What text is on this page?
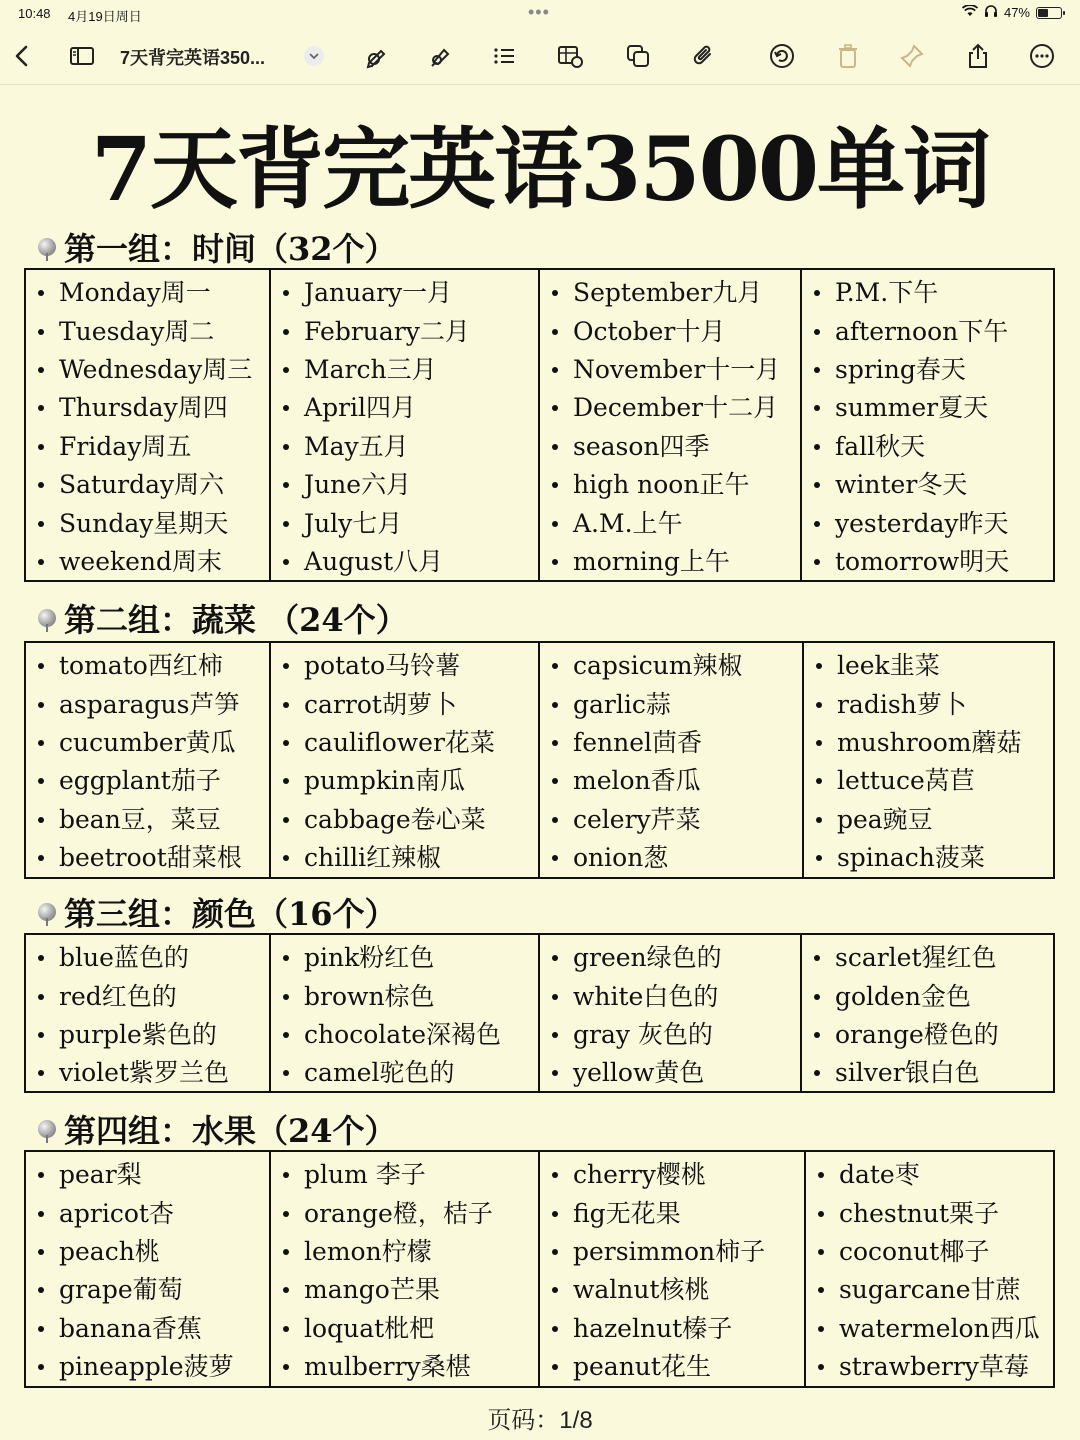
10:48 4月19日周日	•••	47%
7天背完英语350...
7天背完英语3500单词
第一组：时间（32个）
Monday周一
Tuesday周二
Wednesday周三
Thursday周四
Friday周五
Saturday周六
Sunday星期天
weekend周末
January一月
February二月
March三月
April四月
May五月
June六月
July七月
August八月
September九月
October十月
November十一月
December十二月
season四季
high noon正午
A.M.上午
morning上午
P.M.下午
afternoon下午
spring春天
summer夏天
fall秋天
winter冬天
yesterday昨天
tomorrow明天
第二组：蔬菜 （24个）
tomato西红柿
asparagus芦笋
cucumber黄瓜
eggplant茄子
bean豆，菜豆
beetroot甜菜根
potato马铃薯
carrot胡萝卜
cauliflower花菜
pumpkin南瓜
cabbage卷心菜
chilli红辣椒
capsicum辣椒
garlic蒜
fennel茴香
melon香瓜
celery芹菜
onion葱
leek韭菜
radish萝卜
mushroom蘑菇
lettuce莴苣
pea豌豆
spinach菠菜
第三组：颜色（16个）
blue蓝色的
red红色的
purple紫色的
violet紫罗兰色
pink粉红色
brown棕色
chocolate深褐色
camel驼色的
green绿色的
white白色的
gray 灰色的
yellow黄色
scarlet猩红色
golden金色
orange橙色的
silver银白色
第四组：水果（24个）
pear梨
apricot杏
peach桃
grape葡萄
banana香蕉
pineapple菠萝
plum 李子
orange橙，桔子
lemon柠檬
mango芒果
loquat枇杷
mulberry桑椹
cherry樱桃
fig无花果
persimmon柿子
walnut核桃
hazelnut榛子
peanut花生
date枣
chestnut栗子
coconut椰子
sugarcane甘蔗
watermelon西瓜
strawberry草莓
页码：1/8
